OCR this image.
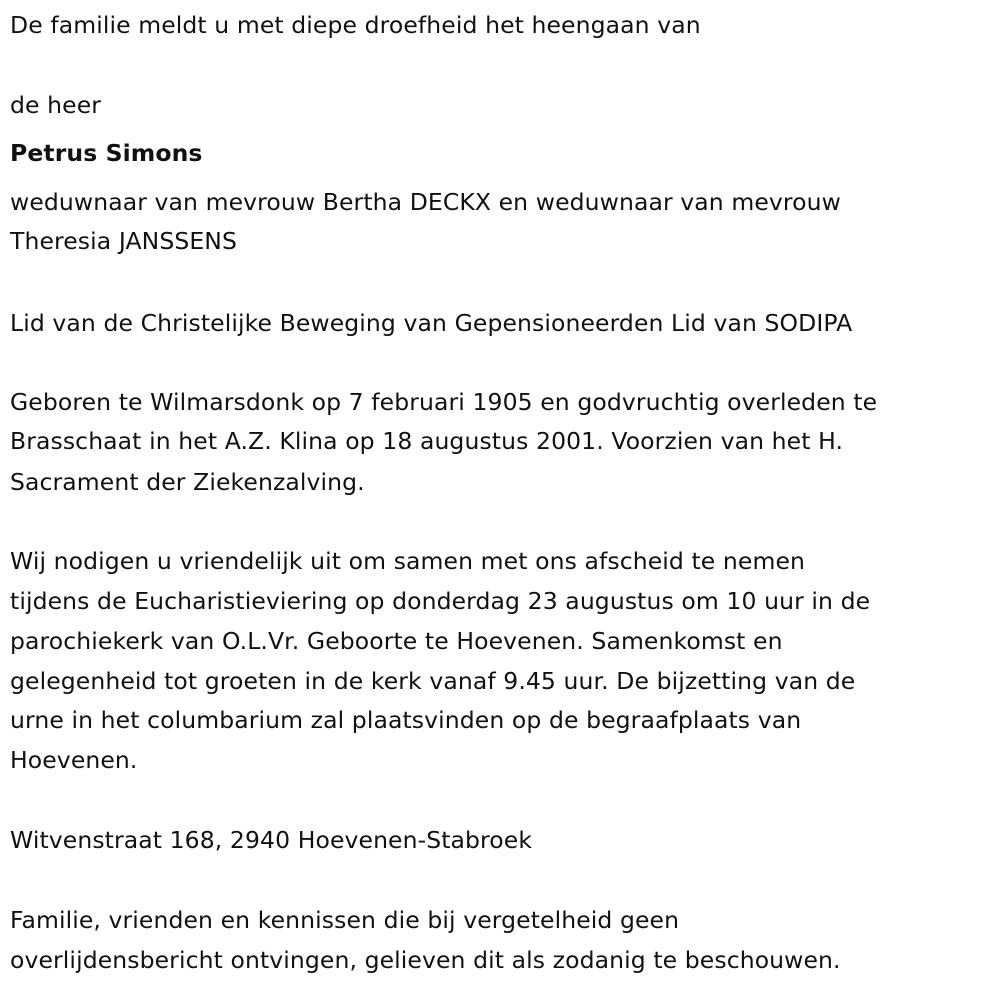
De familie meldt u met diepe droefheid het heengaan van
de heer
Petrus Simons
weduwnaar van mevrouw Bertha DECKX en weduwnaar van mevrouw
Theresia JANSSENS
Lid van de Christelijke Beweging van Gepensioneerden Lid van SODIPA
Geboren te Wilmarsdonk op 7 februari 1905 en godvruchtig overleden te
Brasschaat in het A.Z. Klina op 18 augustus 2001. Voorzien van het H.
Sacrament der Ziekenzalving.
Wij nodigen u vriendelijk uit om samen met ons afscheid te nemen
tijdens de Eucharistieviering op donderdag 23 augustus om 10 uur in de
parochiekerk van O.L.Vr. Geboorte te Hoevenen. Samenkomst en
gelegenheid tot groeten in de kerk vanaf 9.45 uur. De bijzetting van de
urne in het columbarium zal plaatsvinden op de begraafplaats van
Hoevenen.
Witvenstraat 168, 2940 Hoevenen-Stabroek
Familie, vrienden en kennissen die bij vergetelheid geen
overlijdensbericht ontvingen, gelieven dit als zodanig te beschouwen.
